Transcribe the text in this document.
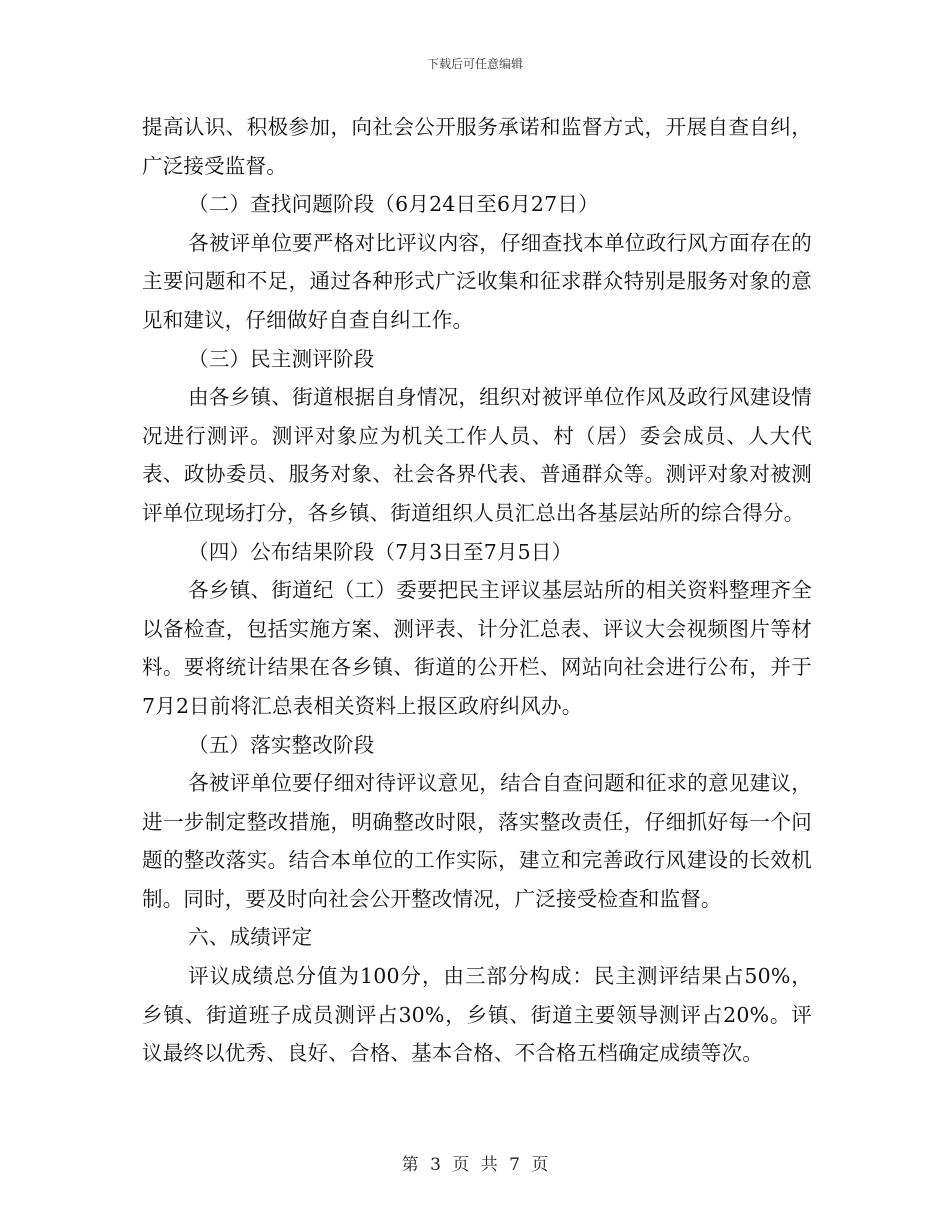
下载后可任意编辑

提高认识、积极参加，向社会公开服务承诺和监督方式，开展自查自纠，广泛接受监督。

（二）查找问题阶段（6月24日至6月27日）

各被评单位要严格对比评议内容，仔细查找本单位政行风方面存在的主要问题和不足，通过各种形式广泛收集和征求群众特别是服务对象的意见和建议，仔细做好自查自纠工作。

（三）民主测评阶段

由各乡镇、街道根据自身情况，组织对被评单位作风及政行风建设情况进行测评。测评对象应为机关工作人员、村（居）委会成员、人大代表、政协委员、服务对象、社会各界代表、普通群众等。测评对象对被测评单位现场打分，各乡镇、街道组织人员汇总出各基层站所的综合得分。

（四）公布结果阶段（7月3日至7月5日）

各乡镇、街道纪（工）委要把民主评议基层站所的相关资料整理齐全以备检查，包括实施方案、测评表、计分汇总表、评议大会视频图片等材料。要将统计结果在各乡镇、街道的公开栏、网站向社会进行公布，并于7月2日前将汇总表相关资料上报区政府纠风办。

（五）落实整改阶段

各被评单位要仔细对待评议意见，结合自查问题和征求的意见建议，进一步制定整改措施，明确整改时限，落实整改责任，仔细抓好每一个问题的整改落实。结合本单位的工作实际，建立和完善政行风建设的长效机制。同时，要及时向社会公开整改情况，广泛接受检查和监督。

六、成绩评定

评议成绩总分值为100分，由三部分构成：民主测评结果占50%，乡镇、街道班子成员测评占30%，乡镇、街道主要领导测评占20%。评议最终以优秀、良好、合格、基本合格、不合格五档确定成绩等次。

第 3 页 共 7 页
